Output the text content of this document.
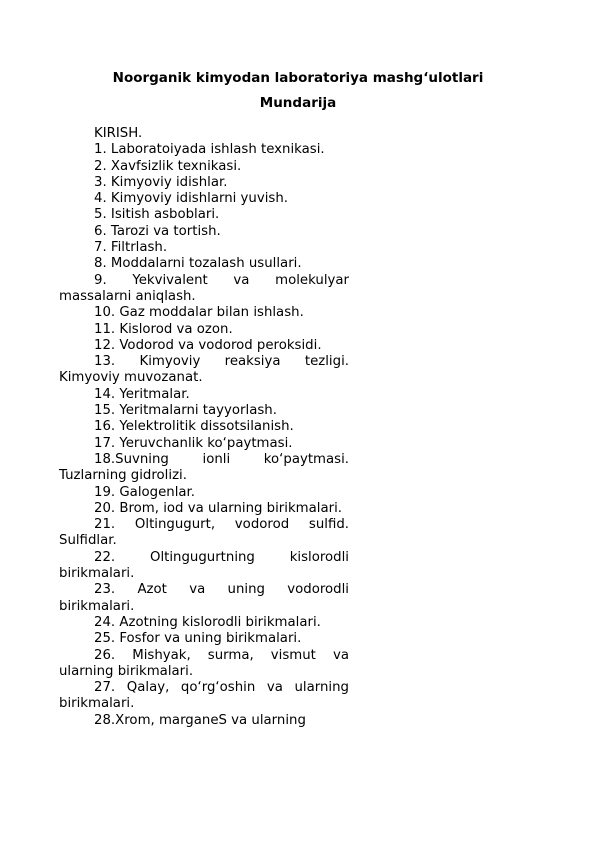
Noorganik kimyodan laboratoriya mashg‘ulotlari
Mundarija
KIRISH.
1. Laboratoiyada ishlash texnikasi.
2. Xavfsizlik texnikasi.
3. Kimyoviy idishlar.
4. Kimyoviy idishlarni yuvish.
5. Isitish asboblari.
6. Tarozi va tortish.
7. Filtrlash.
8. Moddalarni tozalash usullari.
9. Yekvivalent va molekulyar massalarni aniqlash.
10. Gaz moddalar bilan ishlash.
11. Kislorod va ozon.
12. Vodorod va vodorod peroksidi.
13. Kimyoviy reaksiya tezligi. Kimyoviy muvozanat.
14. Yeritmalar.
15. Yeritmalarni tayyorlash.
16. Yelektrolitik dissotsilanish.
17. Yeruvchanlik ko‘paytmasi.
18.Suvning ionli ko‘paytmasi. Tuzlarning gidrolizi.
19. Galogenlar.
20. Brom, iod va ularning birikmalari.
21. Oltingugurt, vodorod sulfid. Sulfidlar.
22. Oltingugurtning kislorodli birikmalari.
23. Azot va uning vodorodli birikmalari.
24. Azotning kislorodli birikmalari.
25. Fosfor va uning birikmalari.
26. Mishyak, surma, vismut va ularning birikmalari.
27. Qalay, qo‘rg‘oshin va ularning birikmalari.
28.Xrom, marganeS va ularning
